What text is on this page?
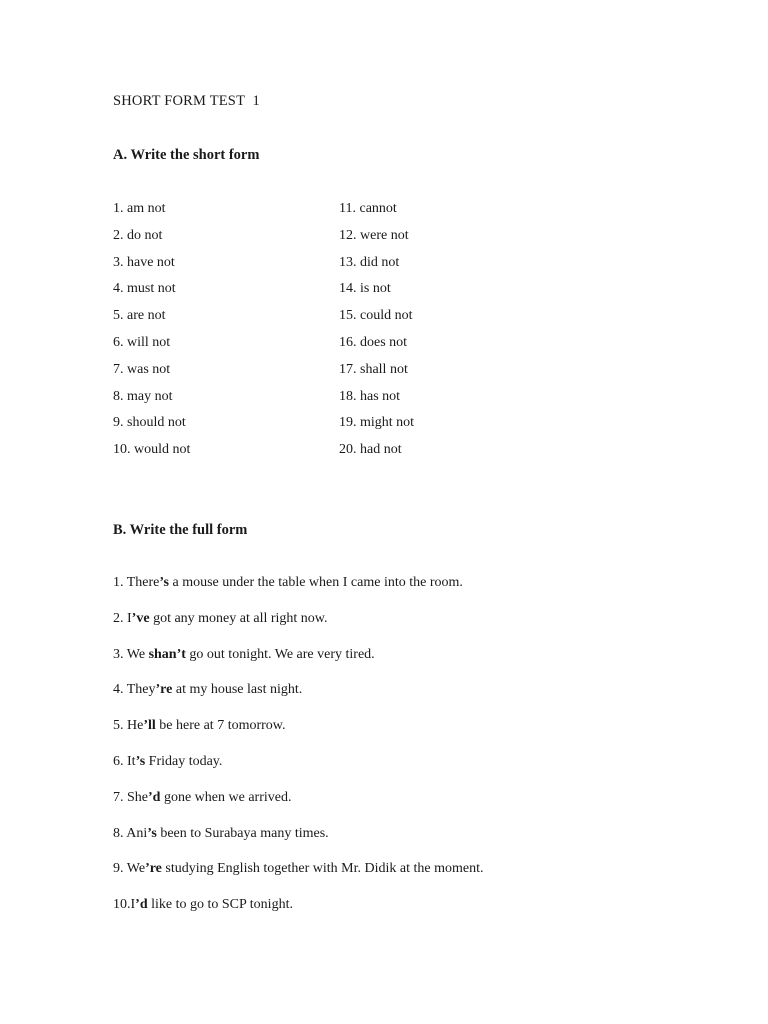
SHORT FORM TEST  1
A. Write the short form
1. am not
2. do not
3. have not
4. must not
5. are not
6. will not
7. was not
8. may not
9. should not
10. would not
11. cannot
12. were not
13. did not
14. is not
15. could not
16. does not
17. shall not
18. has not
19. might not
20. had not
B. Write the full form
1. There’s a mouse under the table when I came into the room.
2. I’ve got any money at all right now.
3. We shan’t go out tonight. We are very tired.
4. They’re at my house last night.
5. He’ll be here at 7 tomorrow.
6. It’s Friday today.
7. She’d gone when we arrived.
8. Ani’s been to Surabaya many times.
9. We’re studying English together with Mr. Didik at the moment.
10.I’d like to go to SCP tonight.
